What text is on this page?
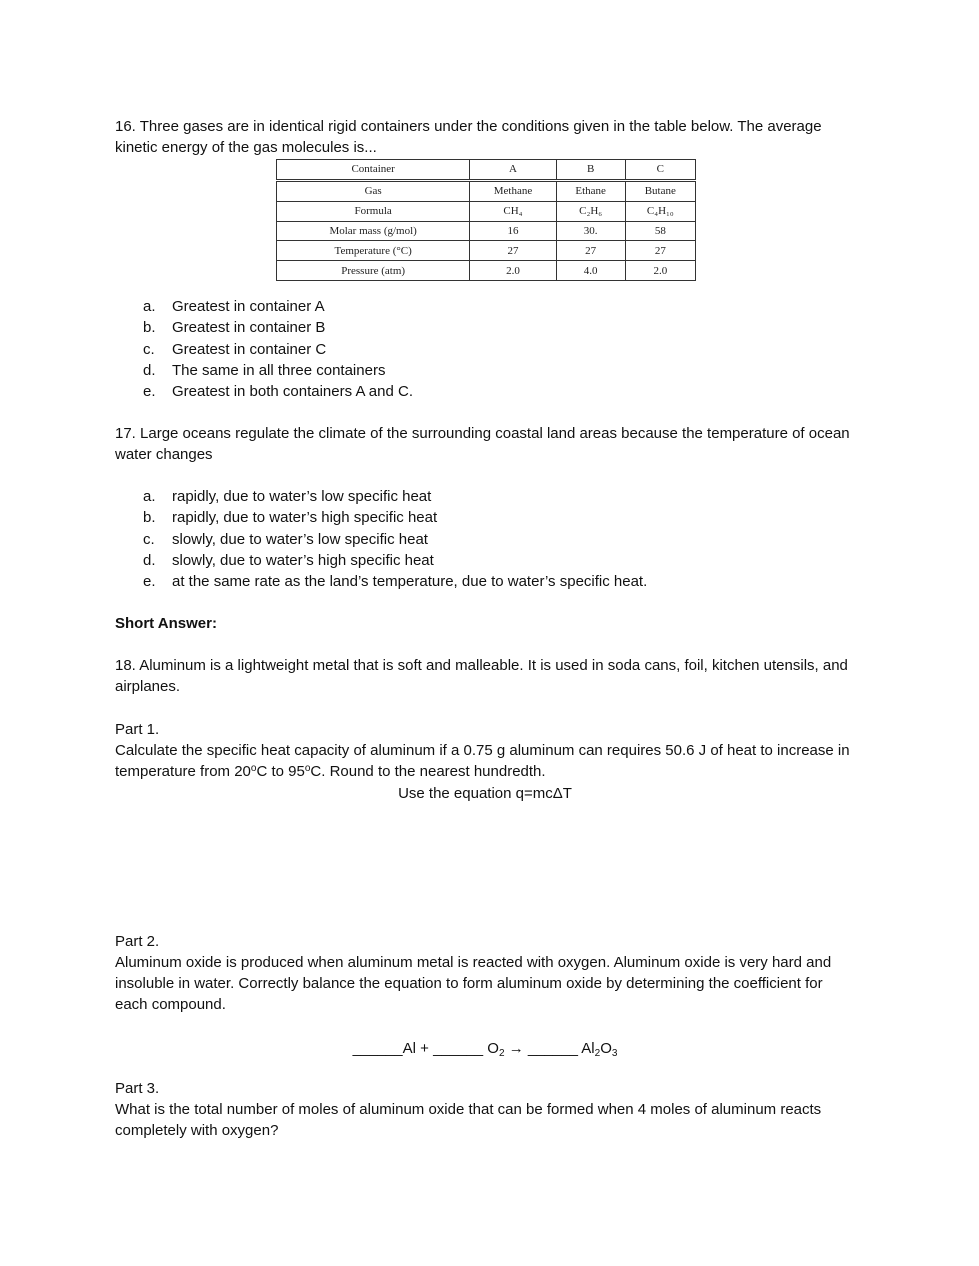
16. Three gases are in identical rigid containers under the conditions given in the table below. The average kinetic energy of the gas molecules is...

Container	A	B	C
Gas	Methane	Ethane	Butane
Formula	CH₄	C₂H₆	C₄H₁₀
Molar mass (g/mol)	16	30.	58
Temperature (°C)	27	27	27
Pressure (atm)	2.0	4.0	2.0
a. Greatest in container A
b. Greatest in container B
c. Greatest in container C
d. The same in all three containers
e. Greatest in both containers A and C.

17. Large oceans regulate the climate of the surrounding coastal land areas because the temperature of ocean water changes

a. rapidly, due to water’s low specific heat
b. rapidly, due to water’s high specific heat
c. slowly, due to water’s low specific heat
d. slowly, due to water’s high specific heat
e. at the same rate as the land’s temperature, due to water’s specific heat.

Short Answer:

18. Aluminum is a lightweight metal that is soft and malleable. It is used in soda cans, foil, kitchen utensils, and airplanes.

Part 1.

Calculate the specific heat capacity of aluminum if a 0.75 g aluminum can requires 50.6 J of heat to increase in temperature from 20$^o$C to 95$^o$C. Round to the nearest hundredth.

Use the equation q=mcΔT

Part 2.

Aluminum oxide is produced when aluminum metal is reacted with oxygen. Aluminum oxide is very hard and insoluble in water. Correctly balance the equation to form aluminum oxide by determining the coefficient for each compound.

______Al + ______ $O_2$ → ______ $Al_2O_3$

Part 3.

What is the total number of moles of aluminum oxide that can be formed when 4 moles of aluminum reacts completely with oxygen?
